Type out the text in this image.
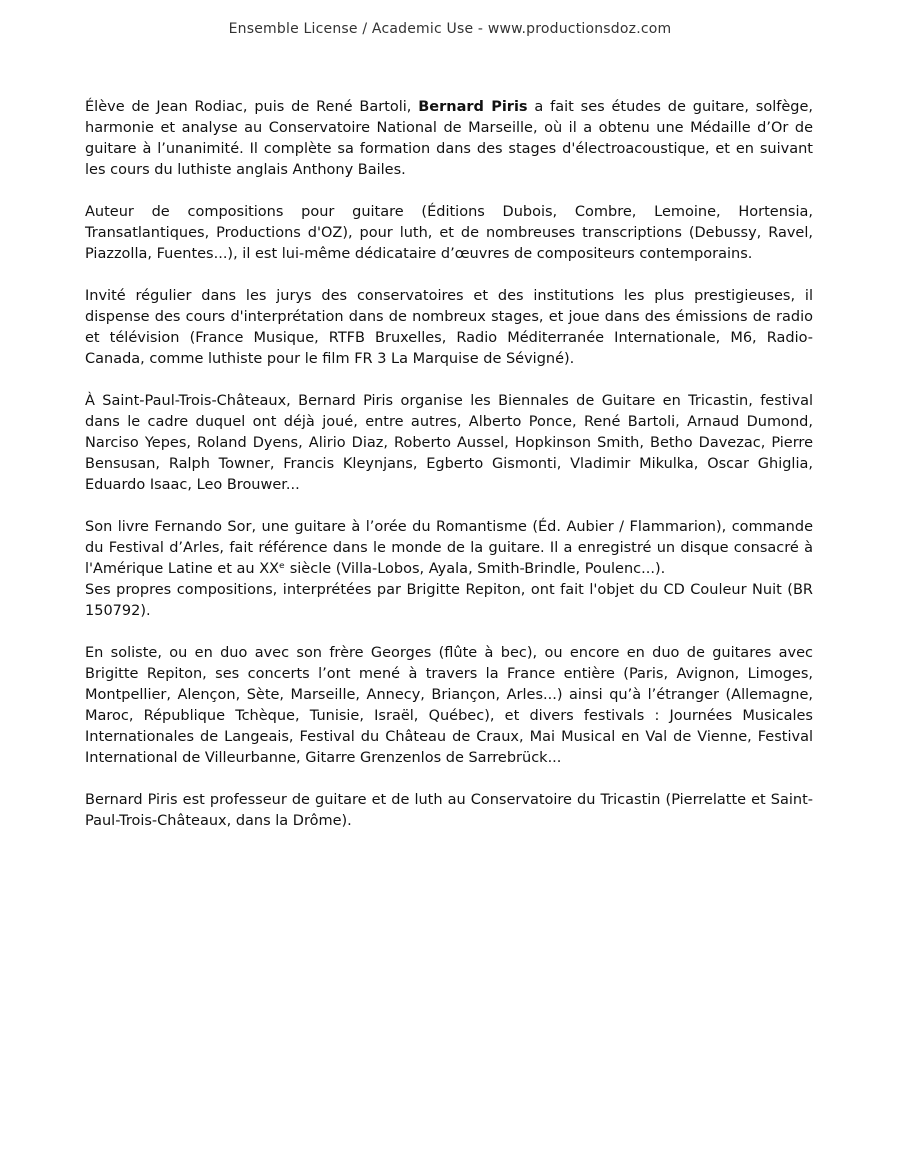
Ensemble License / Academic Use - www.productionsdoz.com

Élève de Jean Rodiac, puis de René Bartoli, Bernard Piris a fait ses études de guitare, solfège, harmonie et analyse au Conservatoire National de Marseille, où il a obtenu une Médaille d’Or de guitare à l’unanimité. Il complète sa formation dans des stages d'électroacoustique, et en suivant les cours du luthiste anglais Anthony Bailes.

Auteur de compositions pour guitare (Éditions Dubois, Combre, Lemoine, Hortensia, Transatlantiques, Productions d'OZ), pour luth, et de nombreuses transcriptions (Debussy, Ravel, Piazzolla, Fuentes...), il est lui-même dédicataire d’œuvres de compositeurs contemporains.

Invité régulier dans les jurys des conservatoires et des institutions les plus prestigieuses, il dispense des cours d'interprétation dans de nombreux stages, et joue dans des émissions de radio et télévision (France Musique, RTFB Bruxelles, Radio Méditerranée Internationale, M6, Radio-Canada, comme luthiste pour le film FR 3 La Marquise de Sévigné).

À Saint-Paul-Trois-Châteaux, Bernard Piris organise les Biennales de Guitare en Tricastin, festival dans le cadre duquel ont déjà joué, entre autres, Alberto Ponce, René Bartoli, Arnaud Dumond, Narciso Yepes, Roland Dyens, Alirio Diaz, Roberto Aussel, Hopkinson Smith, Betho Davezac, Pierre Bensusan, Ralph Towner, Francis Kleynjans, Egberto Gismonti, Vladimir Mikulka, Oscar Ghiglia, Eduardo Isaac, Leo Brouwer...

Son livre Fernando Sor, une guitare à l’orée du Romantisme (Éd. Aubier / Flammarion), commande du Festival d’Arles, fait référence dans le monde de la guitare. Il a enregistré un disque consacré à l'Amérique Latine et au XXᵉ siècle (Villa-Lobos, Ayala, Smith-Brindle, Poulenc...).

Ses propres compositions, interprétées par Brigitte Repiton, ont fait l'objet du CD Couleur Nuit (BR 150792).

En soliste, ou en duo avec son frère Georges (flûte à bec), ou encore en duo de guitares avec Brigitte Repiton, ses concerts l’ont mené à travers la France entière (Paris, Avignon, Limoges, Montpellier, Alençon, Sète, Marseille, Annecy, Briançon, Arles...) ainsi qu’à l’étranger (Allemagne, Maroc, République Tchèque, Tunisie, Israël, Québec), et divers festivals : Journées Musicales Internationales de Langeais, Festival du Château de Craux, Mai Musical en Val de Vienne, Festival International de Villeurbanne, Gitarre Grenzenlos de Sarrebrück...

Bernard Piris est professeur de guitare et de luth au Conservatoire du Tricastin (Pierrelatte et Saint-Paul-Trois-Châteaux, dans la Drôme).
